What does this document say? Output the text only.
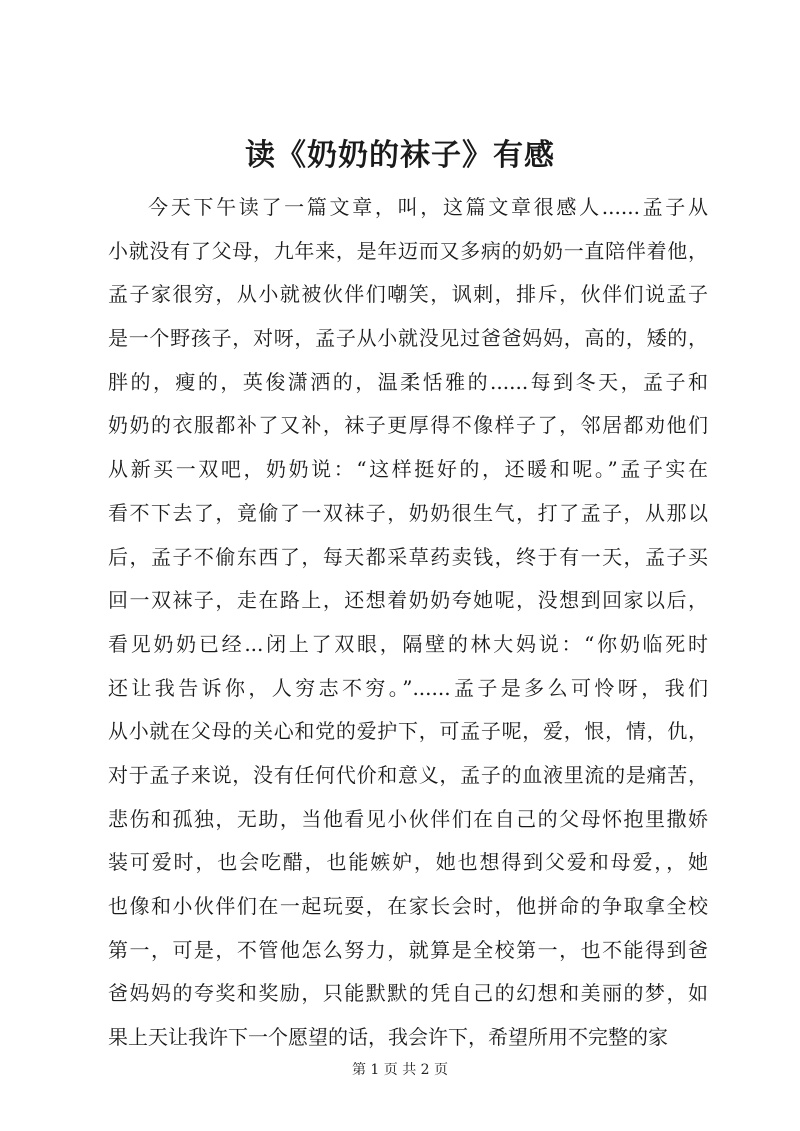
读《奶奶的袜子》有感
今天下午读了一篇文章，叫，这篇文章很感人......孟子从
小就没有了父母，九年来，是年迈而又多病的奶奶一直陪伴着他，
孟子家很穷，从小就被伙伴们嘲笑，讽刺，排斥，伙伴们说孟子
是一个野孩子，对呀，孟子从小就没见过爸爸妈妈，高的，矮的，
胖的，瘦的，英俊潇洒的，温柔恬雅的......每到冬天，孟子和
奶奶的衣服都补了又补，袜子更厚得不像样子了，邻居都劝他们
从新买一双吧，奶奶说：“这样挺好的，还暖和呢。”孟子实在
看不下去了，竟偷了一双袜子，奶奶很生气，打了孟子，从那以
后，孟子不偷东西了，每天都采草药卖钱，终于有一天，孟子买
回一双袜子，走在路上，还想着奶奶夸她呢，没想到回家以后，
看见奶奶已经...闭上了双眼，隔壁的林大妈说：“你奶临死时
还让我告诉你，人穷志不穷。”......孟子是多么可怜呀，我们
从小就在父母的关心和党的爱护下，可孟子呢，爱，恨，情，仇，
对于孟子来说，没有任何代价和意义，孟子的血液里流的是痛苦，
悲伤和孤独，无助，当他看见小伙伴们在自己的父母怀抱里撒娇
装可爱时，也会吃醋，也能嫉妒，她也想得到父爱和母爱，，她
也像和小伙伴们在一起玩耍，在家长会时，他拼命的争取拿全校
第一，可是，不管他怎么努力，就算是全校第一，也不能得到爸
爸妈妈的夸奖和奖励，只能默默的凭自己的幻想和美丽的梦，如
果上天让我许下一个愿望的话，我会许下，希望所用不完整的家
第 1 页 共 2 页
